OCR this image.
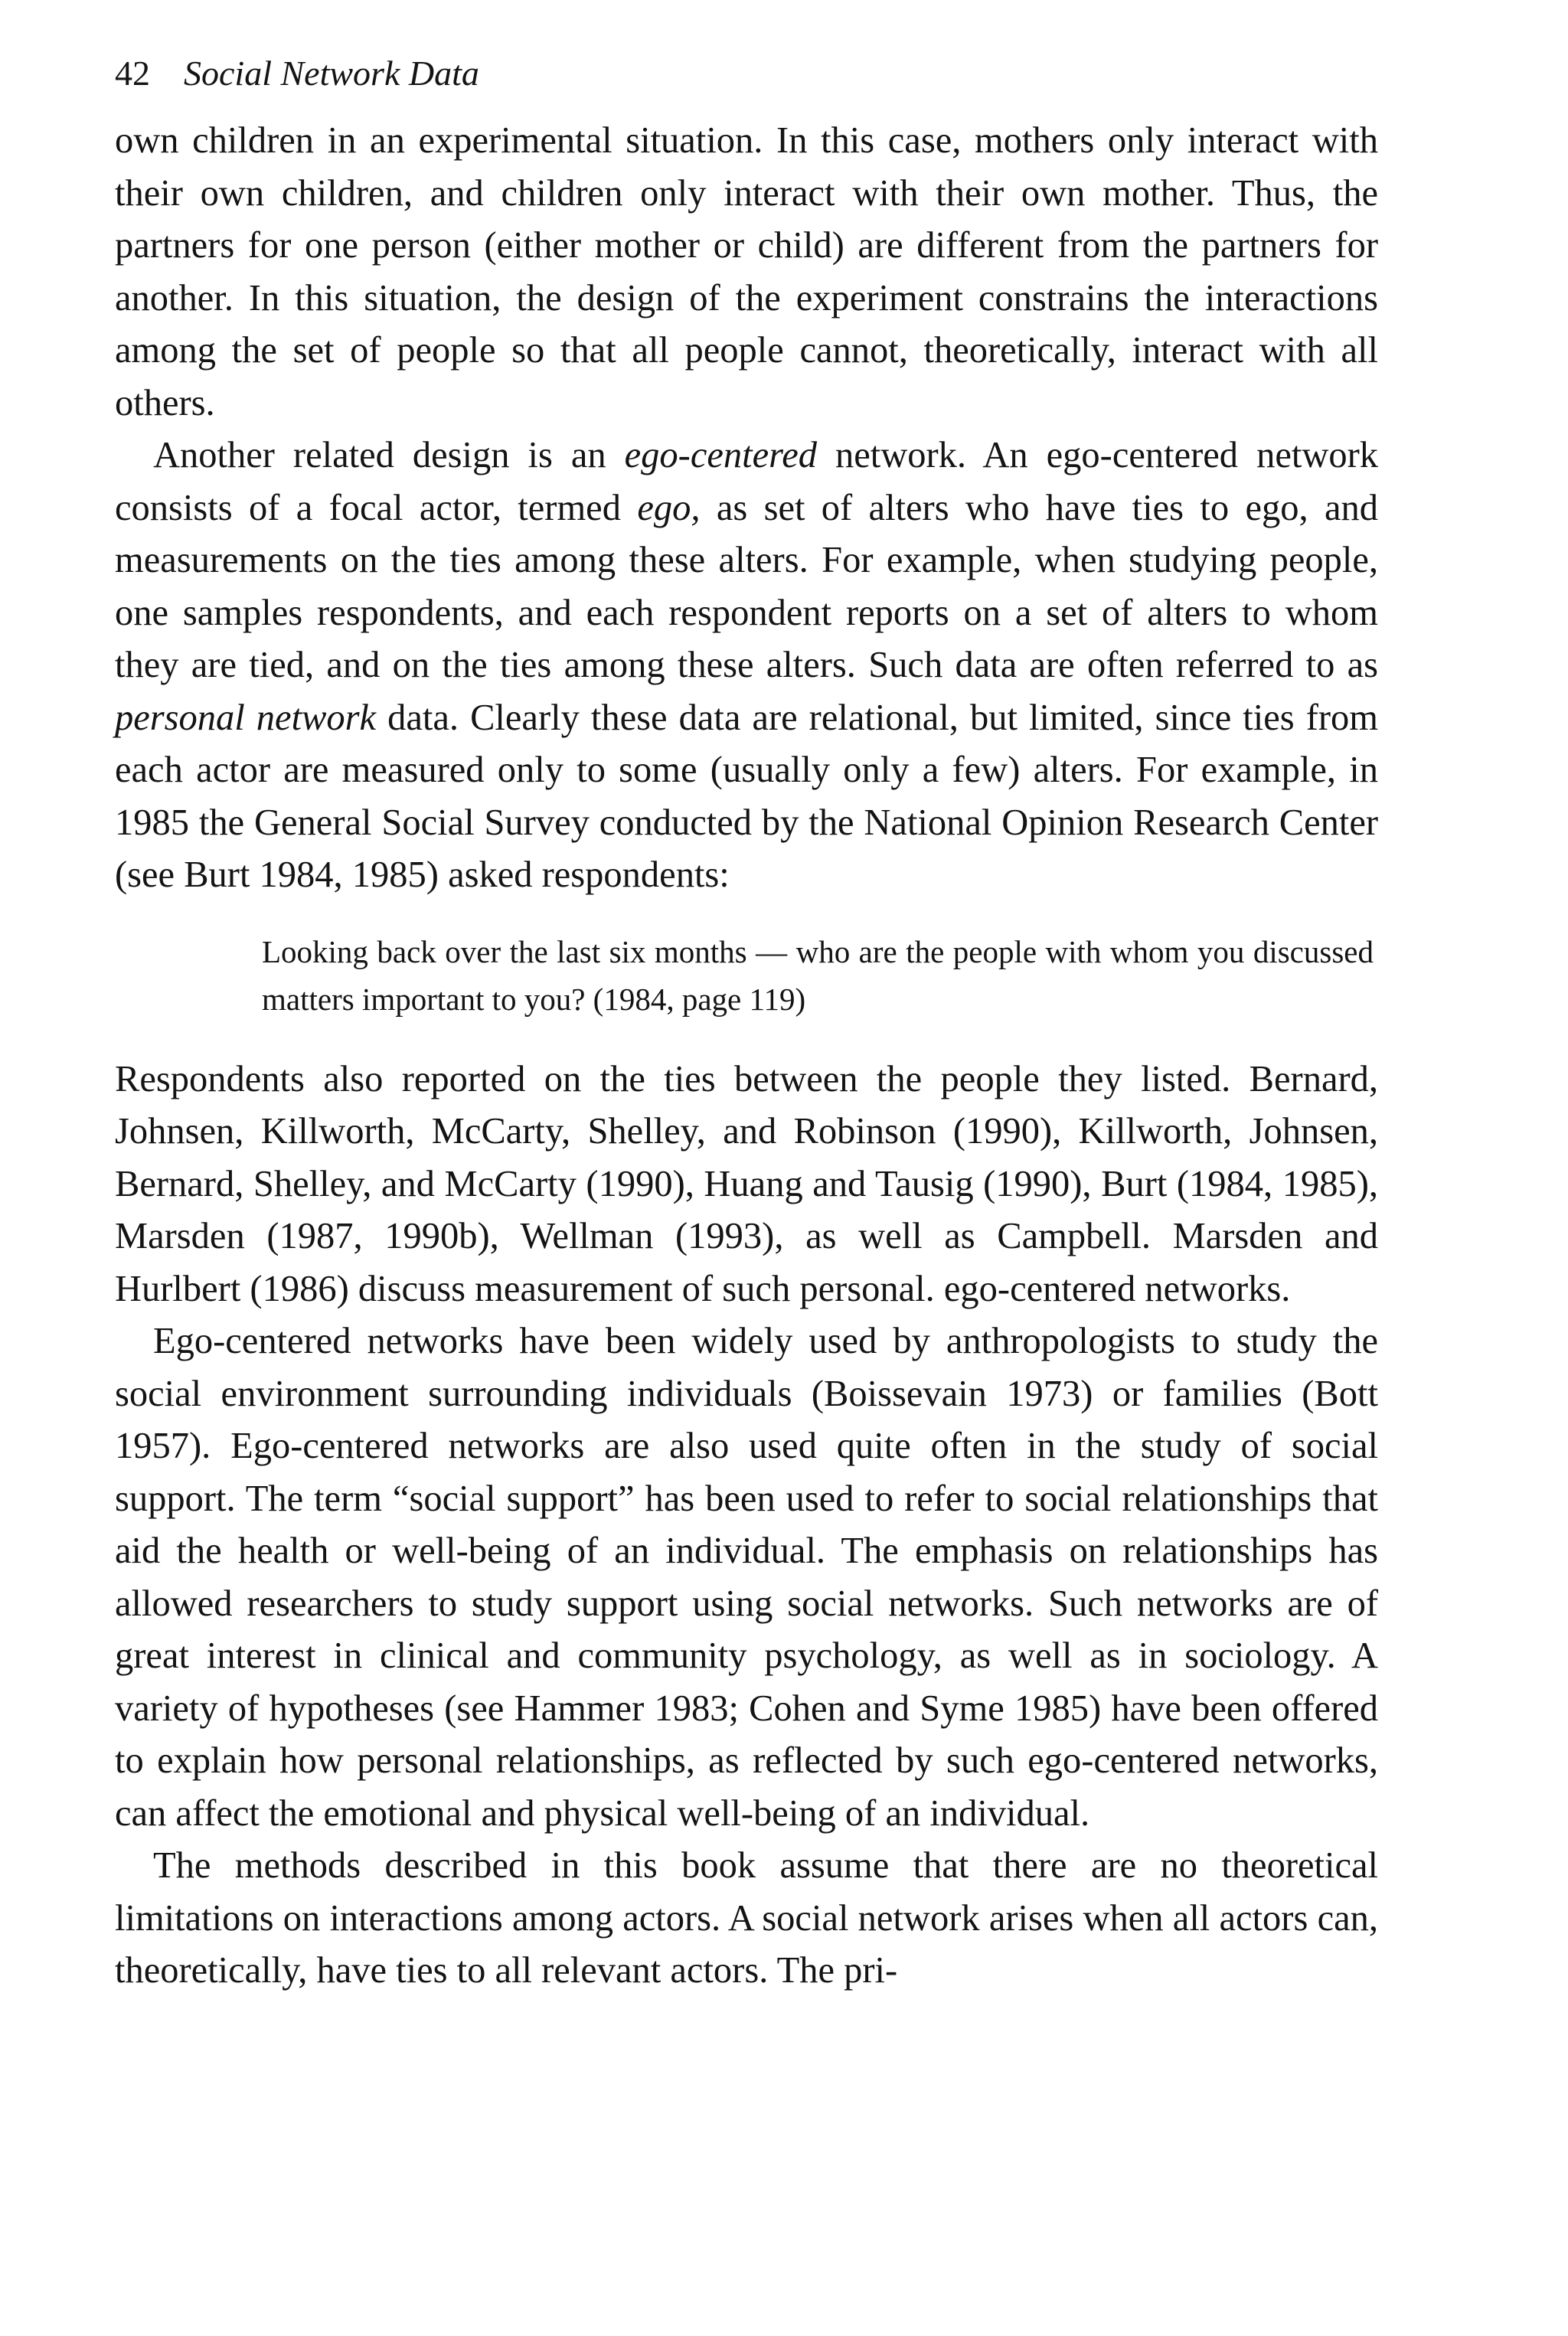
42 Social Network Data

own children in an experimental situation. In this case, mothers only interact with their own children, and children only interact with their own mother. Thus, the partners for one person (either mother or child) are different from the partners for another. In this situation, the design of the experiment constrains the interactions among the set of people so that all people cannot, theoretically, interact with all others.

Another related design is an ego-centered network. An ego-centered network consists of a focal actor, termed ego, as set of alters who have ties to ego, and measurements on the ties among these alters. For example, when studying people, one samples respondents, and each respondent reports on a set of alters to whom they are tied, and on the ties among these alters. Such data are often referred to as personal network data. Clearly these data are relational, but limited, since ties from each actor are measured only to some (usually only a few) alters. For example, in 1985 the General Social Survey conducted by the National Opinion Research Center (see Burt 1984, 1985) asked respondents:

Looking back over the last six months — who are the people with whom you discussed matters important to you? (1984, page 119)

Respondents also reported on the ties between the people they listed. Bernard, Johnsen, Killworth, McCarty, Shelley, and Robinson (1990), Killworth, Johnsen, Bernard, Shelley, and McCarty (1990), Huang and Tausig (1990), Burt (1984, 1985), Marsden (1987, 1990b), Wellman (1993), as well as Campbell. Marsden and Hurlbert (1986) discuss measurement of such personal. ego-centered networks.

Ego-centered networks have been widely used by anthropologists to study the social environment surrounding individuals (Boissevain 1973) or families (Bott 1957). Ego-centered networks are also used quite often in the study of social support. The term “social support” has been used to refer to social relationships that aid the health or well-being of an individual. The emphasis on relationships has allowed researchers to study support using social networks. Such networks are of great interest in clinical and community psychology, as well as in sociology. A variety of hypotheses (see Hammer 1983; Cohen and Syme 1985) have been offered to explain how personal relationships, as reflected by such ego-centered networks, can affect the emotional and physical well-being of an individual.

The methods described in this book assume that there are no theoretical limitations on interactions among actors. A social network arises when all actors can, theoretically, have ties to all relevant actors. The pri-
